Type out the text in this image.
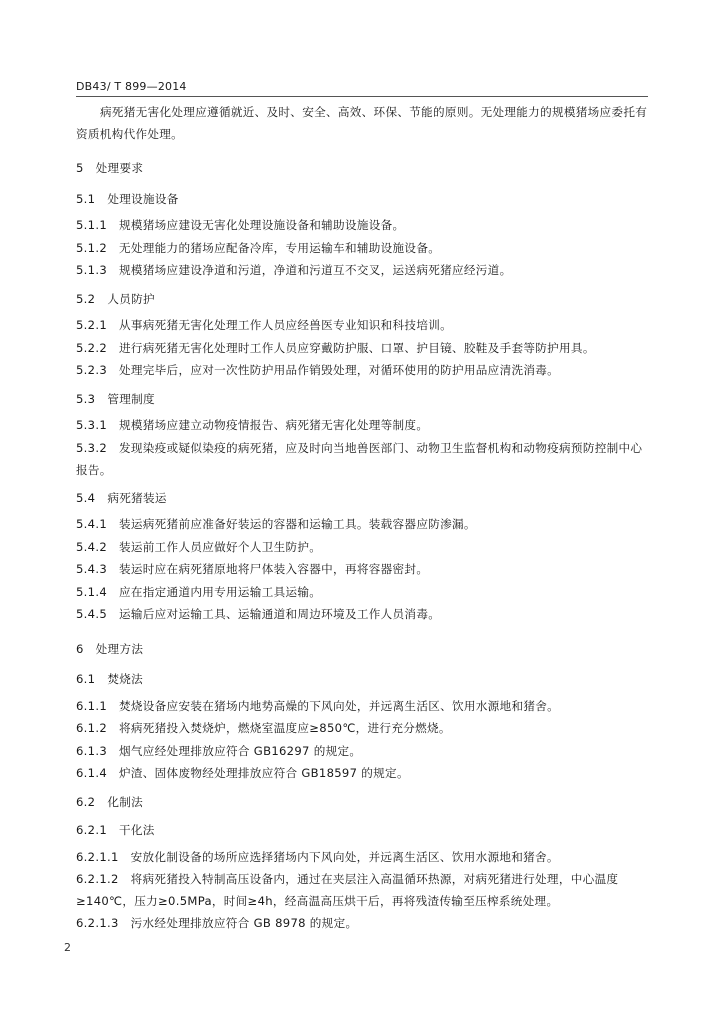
DB43/ T 899—2014
病死猪无害化处理应遵循就近、及时、安全、高效、环保、节能的原则。无处理能力的规模猪场应委托有资质机构代作处理。
5 处理要求
5.1 处理设施设备
5.1.1 规模猪场应建设无害化处理设施设备和辅助设施设备。
5.1.2 无处理能力的猪场应配备冷库，专用运输车和辅助设施设备。
5.1.3 规模猪场应建设净道和污道，净道和污道互不交叉，运送病死猪应经污道。
5.2 人员防护
5.2.1 从事病死猪无害化处理工作人员应经兽医专业知识和科技培训。
5.2.2 进行病死猪无害化处理时工作人员应穿戴防护服、口罩、护目镜、胶鞋及手套等防护用具。
5.2.3 处理完毕后，应对一次性防护用品作销毁处理，对循环使用的防护用品应清洗消毒。
5.3 管理制度
5.3.1 规模猪场应建立动物疫情报告、病死猪无害化处理等制度。
5.3.2 发现染疫或疑似染疫的病死猪，应及时向当地兽医部门、动物卫生监督机构和动物疫病预防控制中心报告。
5.4 病死猪装运
5.4.1 装运病死猪前应准备好装运的容器和运输工具。装载容器应防渗漏。
5.4.2 装运前工作人员应做好个人卫生防护。
5.4.3 装运时应在病死猪原地将尸体装入容器中，再将容器密封。
5.1.4 应在指定通道内用专用运输工具运输。
5.4.5 运输后应对运输工具、运输通道和周边环境及工作人员消毒。
6 处理方法
6.1 焚烧法
6.1.1 焚烧设备应安装在猪场内地势高燥的下风向处，并远离生活区、饮用水源地和猪舍。
6.1.2 将病死猪投入焚烧炉，燃烧室温度应≥850℃，进行充分燃烧。
6.1.3 烟气应经处理排放应符合 GB16297 的规定。
6.1.4 炉渣、固体废物经处理排放应符合 GB18597 的规定。
6.2 化制法
6.2.1 干化法
6.2.1.1 安放化制设备的场所应选择猪场内下风向处，并远离生活区、饮用水源地和猪舍。
6.2.1.2 将病死猪投入特制高压设备内，通过在夹层注入高温循环热源，对病死猪进行处理，中心温度≥140℃，压力≥0.5MPa，时间≥4h，经高温高压烘干后，再将残渣传输至压榨系统处理。
6.2.1.3 污水经处理排放应符合 GB 8978 的规定。
2
